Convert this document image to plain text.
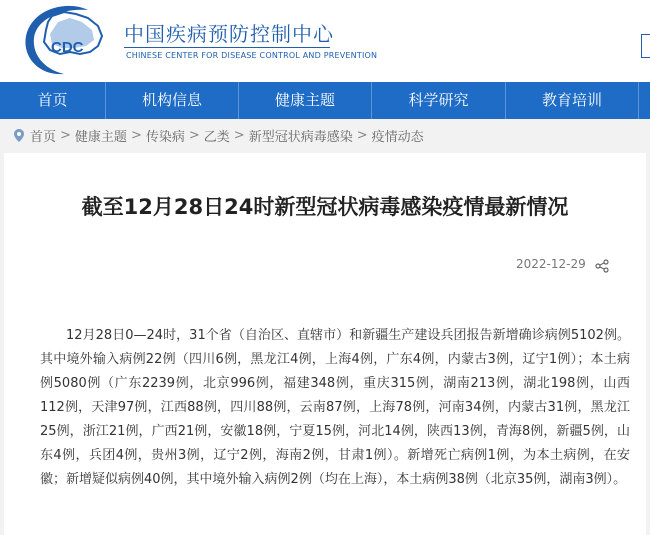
CDC
中国疾病预防控制中心
CHINESE CENTER FOR DISEASE CONTROL AND PREVENTION
首页	机构信息	健康主题	科学研究	教育培训
首页 > 健康主题 > 传染病 > 乙类 > 新型冠状病毒感染 > 疫情动态
截至12月28日24时新型冠状病毒感染疫情最新情况
2022-12-29

12月28日0—24时，31个省（自治区、直辖市）和新疆生产建设兵团报告新增确诊病例5102例。其中境外输入病例22例（四川6例，黑龙江4例，上海4例，广东4例，内蒙古3例，辽宁1例）；本土病例5080例（广东2239例，北京996例，福建348例，重庆315例，湖南213例，湖北198例，山西112例，天津97例，江西88例，四川88例，云南87例，上海78例，河南34例，内蒙古31例，黑龙江25例，浙江21例，广西21例，安徽18例，宁夏15例，河北14例，陕西13例，青海8例，新疆5例，山东4例，兵团4例，贵州3例，辽宁2例，海南2例，甘肃1例）。新增死亡病例1例，为本土病例，在安徽；新增疑似病例40例，其中境外输入病例2例（均在上海），本土病例38例（北京35例，湖南3例）。
